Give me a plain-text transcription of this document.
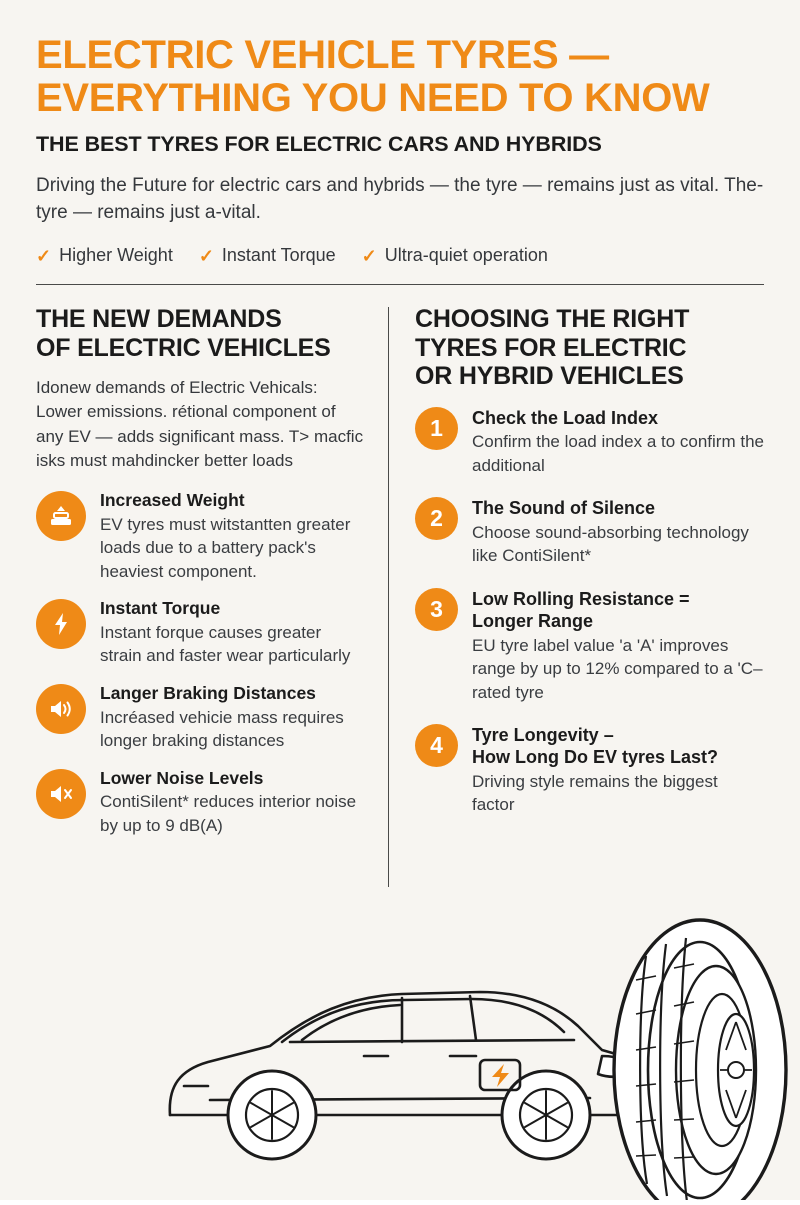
ELECTRIC VEHICLE TYRES —
EVERYTHING YOU NEED TO KNOW
THE BEST TYRES FOR ELECTRIC CARS AND HYBRIDS

Driving the Future for electric cars and hybrids — the tyre — remains just as vital. The-tyre — remains just a-vital.

✓ Higher Weight ✓ Instant Torque ✓ Ultra-quiet operation
THE NEW DEMANDS
OF ELECTRIC VEHICLES

Idonew demands of Electric Vehicals: Lower emissions. rétional component of any EV — adds significant mass. T> macfic isks must mahdincker better loads

Increased Weight
EV tyres must witstantten greater loads due to a battery pack's heaviest component.
Instant Torque
Instant forque causes greater strain and faster wear particularly
Langer Braking Distances
Incréased vehicie mass requires longer braking distances
Lower Noise Levels
ContiSilent* reduces interior noise by up to 9 dB(A)
CHOOSING THE RIGHT
TYRES FOR ELECTRIC
OR HYBRID VEHICLES
1	Check the Load Index
Confirm the load index a to confirm the additional
2	The Sound of Silence
Choose sound-absorbing technology like ContiSilent*
3	Low Rolling Resistance =
Longer Range
EU tyre label value 'a 'A' improves range by up to 12% compared to a 'C–rated tyre
4	Tyre Longevity –
How Long Do EV tyres Last?
Driving style remains the biggest factor
